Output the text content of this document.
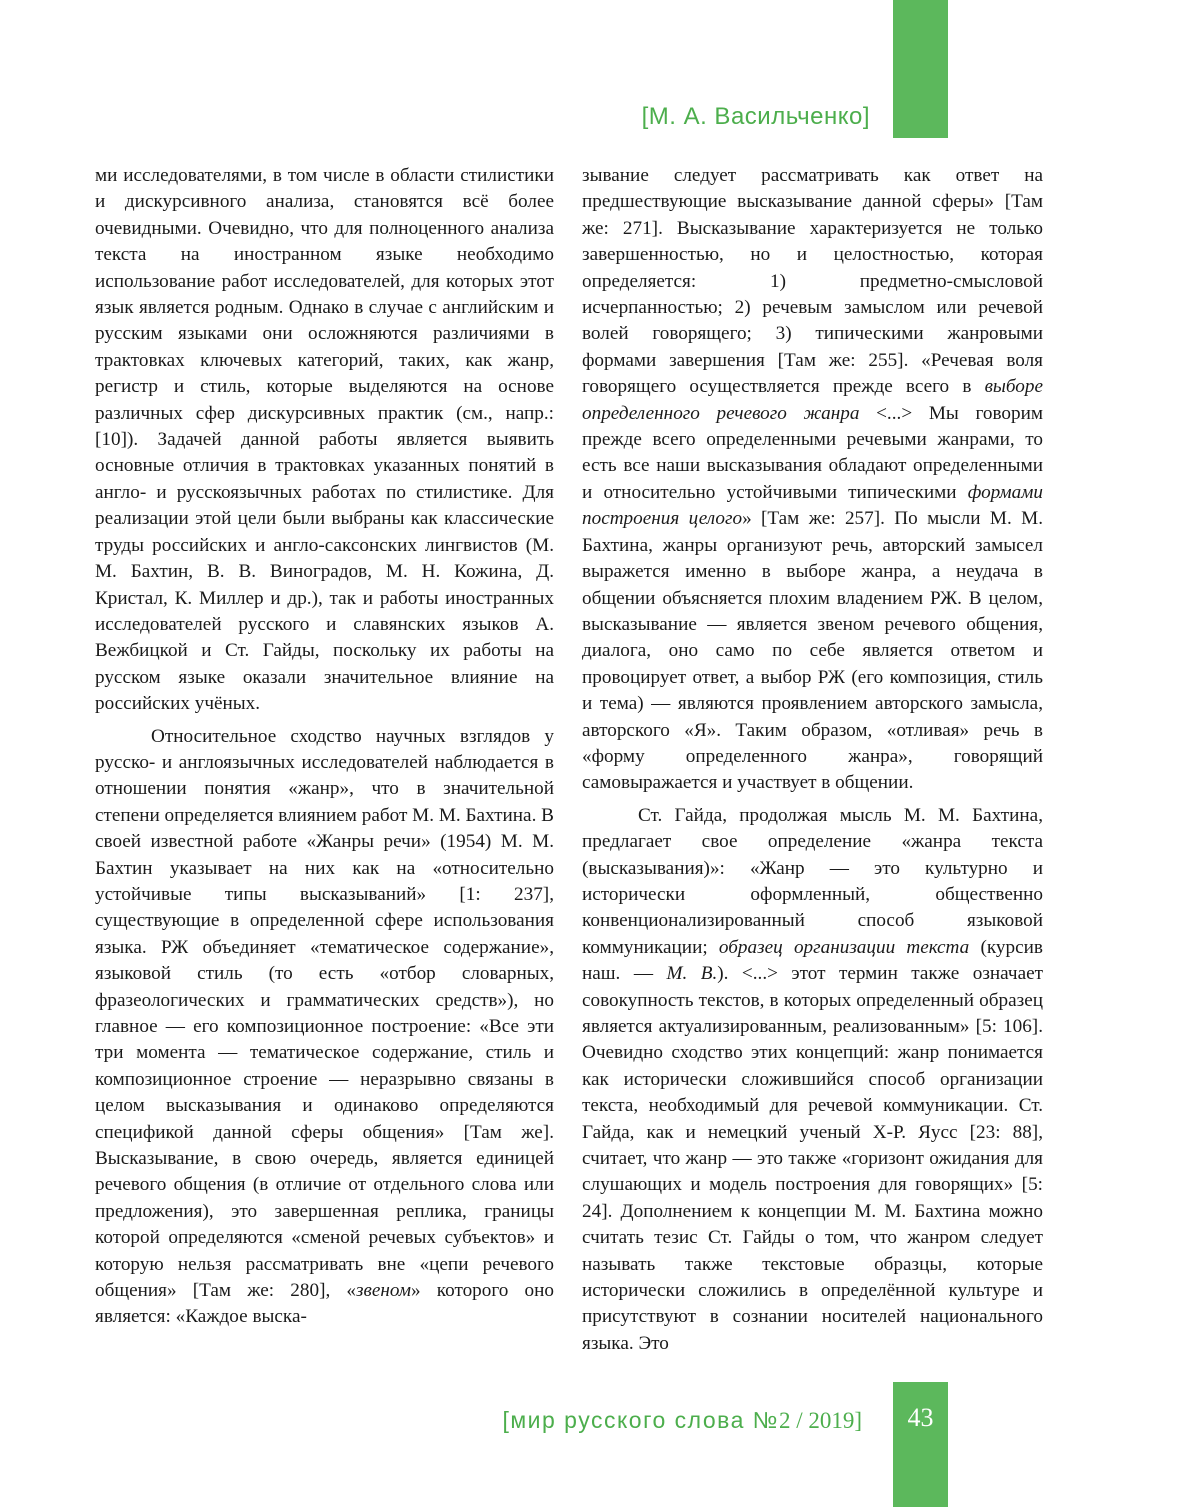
[М. А. Васильченко]

ми исследователями, в том числе в области стилистики и дискурсивного анализа, становятся всё более очевидными. Очевидно, что для полноценного анализа текста на иностранном языке необходимо использование работ исследователей, для которых этот язык является родным. Однако в случае с английским и русским языками они осложняются различиями в трактовках ключевых категорий, таких, как жанр, регистр и стиль, которые выделяются на основе различных сфер дискурсивных практик (см., напр.: [10]). Задачей данной работы является выявить основные отличия в трактовках указанных понятий в англо- и русскоязычных работах по стилистике. Для реализации этой цели были выбраны как классические труды российских и англо-саксонских лингвистов (М. М. Бахтин, В. В. Виноградов, М. Н. Кожина, Д. Кристал, К. Миллер и др.), так и работы иностранных исследователей русского и славянских языков А. Вежбицкой и Ст. Гайды, поскольку их работы на русском языке оказали значительное влияние на российских учёных.

Относительное сходство научных взглядов у русско- и англоязычных исследователей наблюдается в отношении понятия «жанр», что в значительной степени определяется влиянием работ М. М. Бахтина. В своей известной работе «Жанры речи» (1954) М. М. Бахтин указывает на них как на «относительно устойчивые типы высказываний» [1: 237], существующие в определенной сфере использования языка. РЖ объединяет «тематическое содержание», языковой стиль (то есть «отбор словарных, фразеологических и грамматических средств»), но главное — его композиционное построение: «Все эти три момента — тематическое содержание, стиль и композиционное строение — неразрывно связаны в целом высказывания и одинаково определяются спецификой данной сферы общения» [Там же]. Высказывание, в свою очередь, является единицей речевого общения (в отличие от отдельного слова или предложения), это завершенная реплика, границы которой определяются «сменой речевых субъектов» и которую нельзя рассматривать вне «цепи речевого общения» [Там же: 280], «звеном» которого оно является: «Каждое выска-

зывание следует рассматривать как ответ на предшествующие высказывание данной сферы» [Там же: 271]. Высказывание характеризуется не только завершенностью, но и целостностью, которая определяется: 1) предметно-смысловой исчерпанностью; 2) речевым замыслом или речевой волей говорящего; 3) типическими жанровыми формами завершения [Там же: 255]. «Речевая воля говорящего осуществляется прежде всего в выборе определенного речевого жанра <...> Мы говорим прежде всего определенными речевыми жанрами, то есть все наши высказывания обладают определенными и относительно устойчивыми типическими формами построения целого» [Там же: 257]. По мысли М. М. Бахтина, жанры организуют речь, авторский замысел выражется именно в выборе жанра, а неудача в общении объясняется плохим владением РЖ. В целом, высказывание — является звеном речевого общения, диалога, оно само по себе является ответом и провоцирует ответ, а выбор РЖ (его композиция, стиль и тема) — являются проявлением авторского замысла, авторского «Я». Таким образом, «отливая» речь в «форму определенного жанра», говорящий самовыражается и участвует в общении.

Ст. Гайда, продолжая мысль М. М. Бахтина, предлагает свое определение «жанра текста (высказывания)»: «Жанр — это культурно и исторически оформленный, общественно конвенционализированный способ языковой коммуникации; образец организации текста (курсив наш. — М. В.). <...> этот термин также означает совокупность текстов, в которых определенный образец является актуализированным, реализованным» [5: 106]. Очевидно сходство этих концепций: жанр понимается как исторически сложившийся способ организации текста, необходимый для речевой коммуникации. Ст. Гайда, как и немецкий ученый Х-Р. Яусс [23: 88], считает, что жанр — это также «горизонт ожидания для слушающих и модель построения для говорящих» [5: 24]. Дополнением к концепции М. М. Бахтина можно считать тезис Ст. Гайды о том, что жанром следует называть также текстовые образцы, которые исторически сложились в определённой культуре и присутствуют в сознании носителей национального языка. Это

[мир русского слова №2 / 2019]	43
